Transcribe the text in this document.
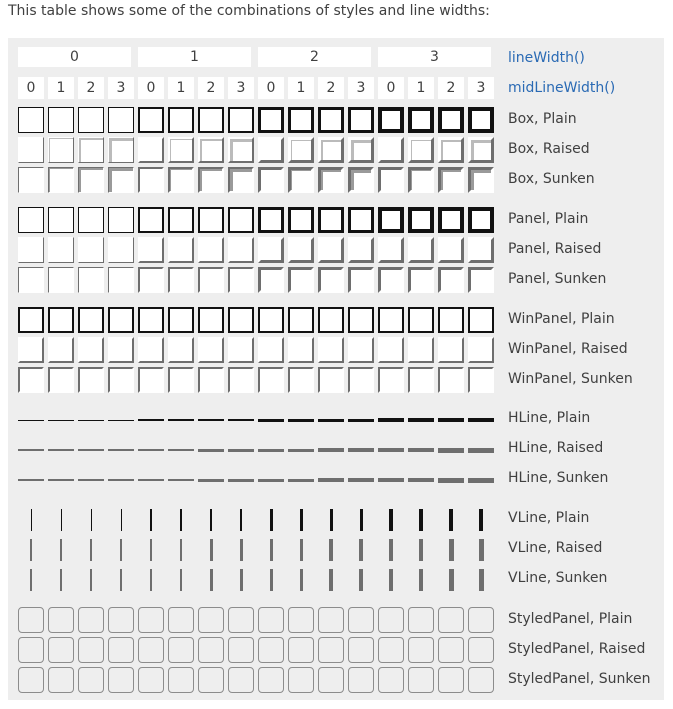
This table shows some of the combinations of styles and line widths:

0	1	2	3	lineWidth()
0	1	2	3	0	1	2	3	0	1	2	3	0	1	2	3	midLineWidth()
Box, Plain
Box, Raised
Box, Sunken
Panel, Plain
Panel, Raised
Panel, Sunken
WinPanel, Plain
WinPanel, Raised
WinPanel, Sunken
HLine, Plain
HLine, Raised
HLine, Sunken
VLine, Plain
VLine, Raised
VLine, Sunken
StyledPanel, Plain
StyledPanel, Raised
StyledPanel, Sunken
